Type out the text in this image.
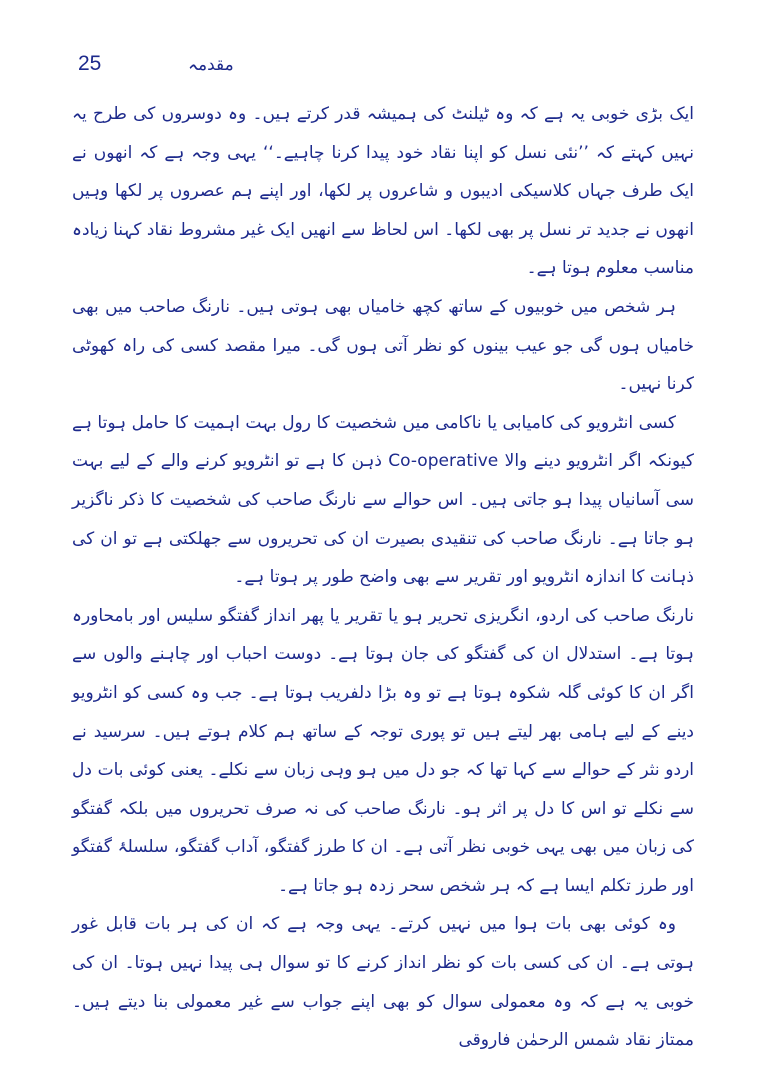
25	مقدمہ

ایک بڑی خوبی یہ ہے کہ وہ ٹیلنٹ کی ہمیشہ قدر کرتے ہیں۔ وہ دوسروں کی طرح یہ نہیں کہتے کہ ’’نئی نسل کو اپنا نقاد خود پیدا کرنا چاہیے۔‘‘ یہی وجہ ہے کہ انھوں نے ایک طرف جہاں کلاسیکی ادیبوں و شاعروں پر لکھا، اور اپنے ہم عصروں پر لکھا وہیں انھوں نے جدید تر نسل پر بھی لکھا۔ اس لحاظ سے انھیں ایک غیر مشروط نقاد کہنا زیادہ مناسب معلوم ہوتا ہے۔

ہر شخص میں خوبیوں کے ساتھ کچھ خامیاں بھی ہوتی ہیں۔ نارنگ صاحب میں بھی خامیاں ہوں گی جو عیب بینوں کو نظر آتی ہوں گی۔ میرا مقصد کسی کی راہ کھوٹی کرنا نہیں۔

کسی انٹرویو کی کامیابی یا ناکامی میں شخصیت کا رول بہت اہمیت کا حامل ہوتا ہے کیونکہ اگر انٹرویو دینے والا Co-operative ذہن کا ہے تو انٹرویو کرنے والے کے لیے بہت سی آسانیاں پیدا ہو جاتی ہیں۔ اس حوالے سے نارنگ صاحب کی شخصیت کا ذکر ناگزیر ہو جاتا ہے۔ نارنگ صاحب کی تنقیدی بصیرت ان کی تحریروں سے جھلکتی ہے تو ان کی ذہانت کا اندازہ انٹرویو اور تقریر سے بھی واضح طور پر ہوتا ہے۔

نارنگ صاحب کی اردو، انگریزی تحریر ہو یا تقریر یا پھر انداز گفتگو سلیس اور بامحاورہ ہوتا ہے۔ استدلال ان کی گفتگو کی جان ہوتا ہے۔ دوست احباب اور چاہنے والوں سے اگر ان کا کوئی گلہ شکوہ ہوتا ہے تو وہ بڑا دلفریب ہوتا ہے۔ جب وہ کسی کو انٹرویو دینے کے لیے ہامی بھر لیتے ہیں تو پوری توجہ کے ساتھ ہم کلام ہوتے ہیں۔ سرسید نے اردو نثر کے حوالے سے کہا تھا کہ جو دل میں ہو وہی زبان سے نکلے۔ یعنی کوئی بات دل سے نکلے تو اس کا دل پر اثر ہو۔ نارنگ صاحب کی نہ صرف تحریروں میں بلکہ گفتگو کی زبان میں بھی یہی خوبی نظر آتی ہے۔ ان کا طرز گفتگو، آداب گفتگو، سلسلۂ گفتگو اور طرز تکلم ایسا ہے کہ ہر شخص سحر زدہ ہو جاتا ہے۔

وہ کوئی بھی بات ہوا میں نہیں کرتے۔ یہی وجہ ہے کہ ان کی ہر بات قابل غور ہوتی ہے۔ ان کی کسی بات کو نظر انداز کرنے کا تو سوال ہی پیدا نہیں ہوتا۔ ان کی خوبی یہ ہے کہ وہ معمولی سوال کو بھی اپنے جواب سے غیر معمولی بنا دیتے ہیں۔ ممتاز نقاد شمس الرحمٰن فاروقی
